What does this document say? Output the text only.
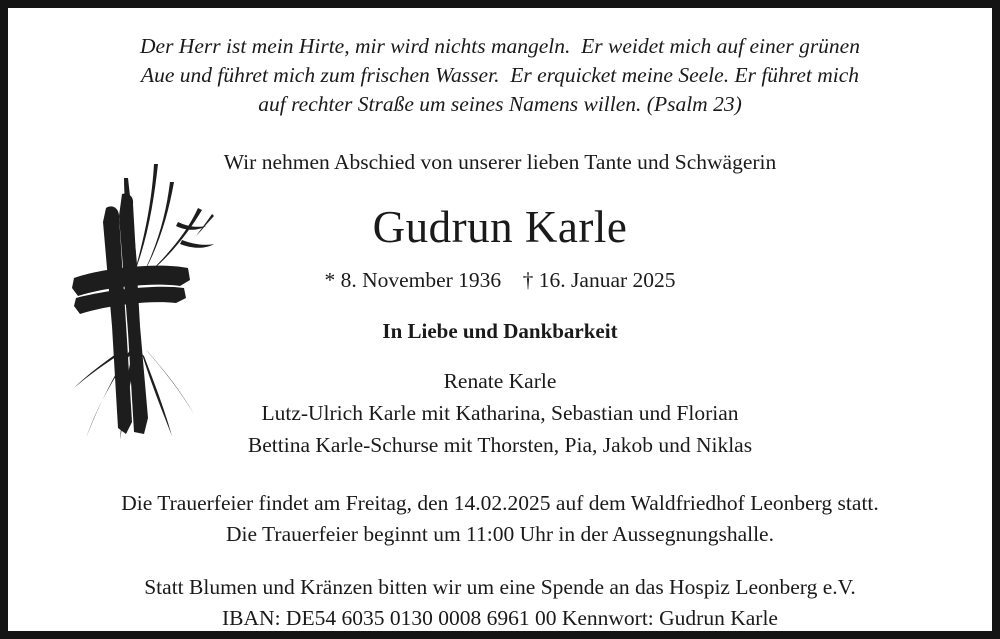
Der Herr ist mein Hirte, mir wird nichts mangeln.  Er weidet mich auf einer grünen
Aue und führet mich zum frischen Wasser.  Er erquicket meine Seele. Er führet mich
auf rechter Straße um seines Namens willen. (Psalm 23)
Wir nehmen Abschied von unserer lieben Tante und Schwägerin
Gudrun Karle
* 8. November 1936    † 16. Januar 2025
In Liebe und Dankbarkeit
Renate Karle
Lutz-Ulrich Karle mit Katharina, Sebastian und Florian
Bettina Karle-Schurse mit Thorsten, Pia, Jakob und Niklas
Die Trauerfeier findet am Freitag, den 14.02.2025 auf dem Waldfriedhof Leonberg statt.
Die Trauerfeier beginnt um 11:00 Uhr in der Aussegnungshalle.
Statt Blumen und Kränzen bitten wir um eine Spende an das Hospiz Leonberg e.V.
IBAN: DE54 6035 0130 0008 6961 00 Kennwort: Gudrun Karle
